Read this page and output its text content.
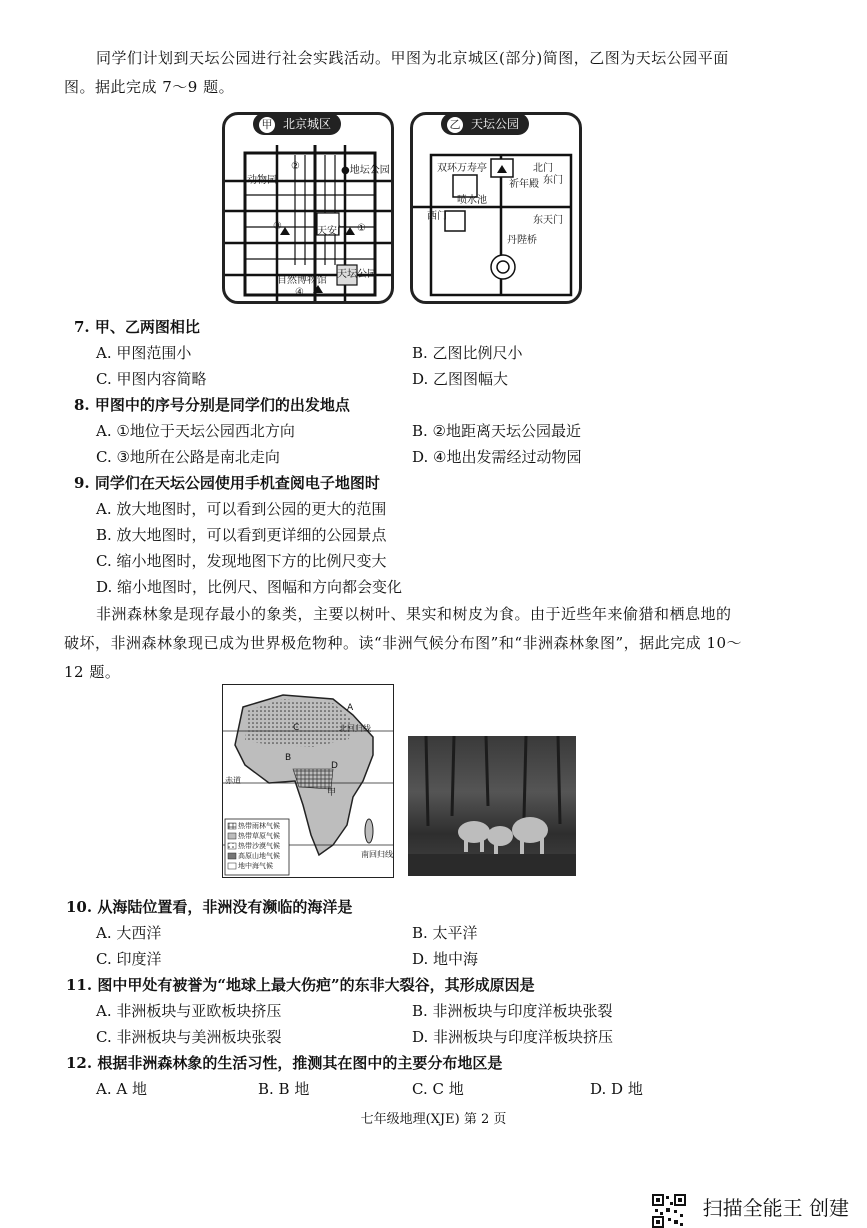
同学们计划到天坛公园进行社会实践活动。甲图为北京城区(部分)简图，乙图为天坛公园平面
图。据此完成 7～9 题。
甲 北京城区
动物园
●地坛公园
天安门
自然博物馆
天坛公园
②
③	①
④
乙 天坛公园
双环万寿亭	北门
祈年殿
喷水池
东门
西门	东天门
丹陛桥
7. 甲、乙两图相比
A. 甲图范围小	B. 乙图比例尺小
C. 甲图内容简略	D. 乙图图幅大
8. 甲图中的序号分别是同学们的出发地点
A. ①地位于天坛公园西北方向	B. ②地距离天坛公园最近
C. ③地所在公路是南北走向	D. ④地出发需经过动物园
9. 同学们在天坛公园使用手机查阅电子地图时
A. 放大地图时，可以看到公园的更大的范围
B. 放大地图时，可以看到更详细的公园景点
C. 缩小地图时，发现地图下方的比例尺变大
D. 缩小地图时，比例尺、图幅和方向都会变化
非洲森林象是现存最小的象类，主要以树叶、果实和树皮为食。由于近些年来偷猎和栖息地的
破坏，非洲森林象现已成为世界极危物种。读“非洲气候分布图”和“非洲森林象图”，据此完成 10～
12 题。
北回归线
赤道
南回归线
A
B
C
D
甲
热带雨林气候
热带草原气候
热带沙漠气候
高原山地气候
地中海气候
10. 从海陆位置看，非洲没有濒临的海洋是
A. 大西洋	B. 太平洋
C. 印度洋	D. 地中海
11. 图中甲处有被誉为“地球上最大伤疤”的东非大裂谷，其形成原因是
A. 非洲板块与亚欧板块挤压	B. 非洲板块与印度洋板块张裂
C. 非洲板块与美洲板块张裂	D. 非洲板块与印度洋板块挤压
12. 根据非洲森林象的生活习性，推测其在图中的主要分布地区是
A. A 地	B. B 地	C. C 地	D. D 地
七年级地理(XJE) 第 2 页
扫描全能王 创建
